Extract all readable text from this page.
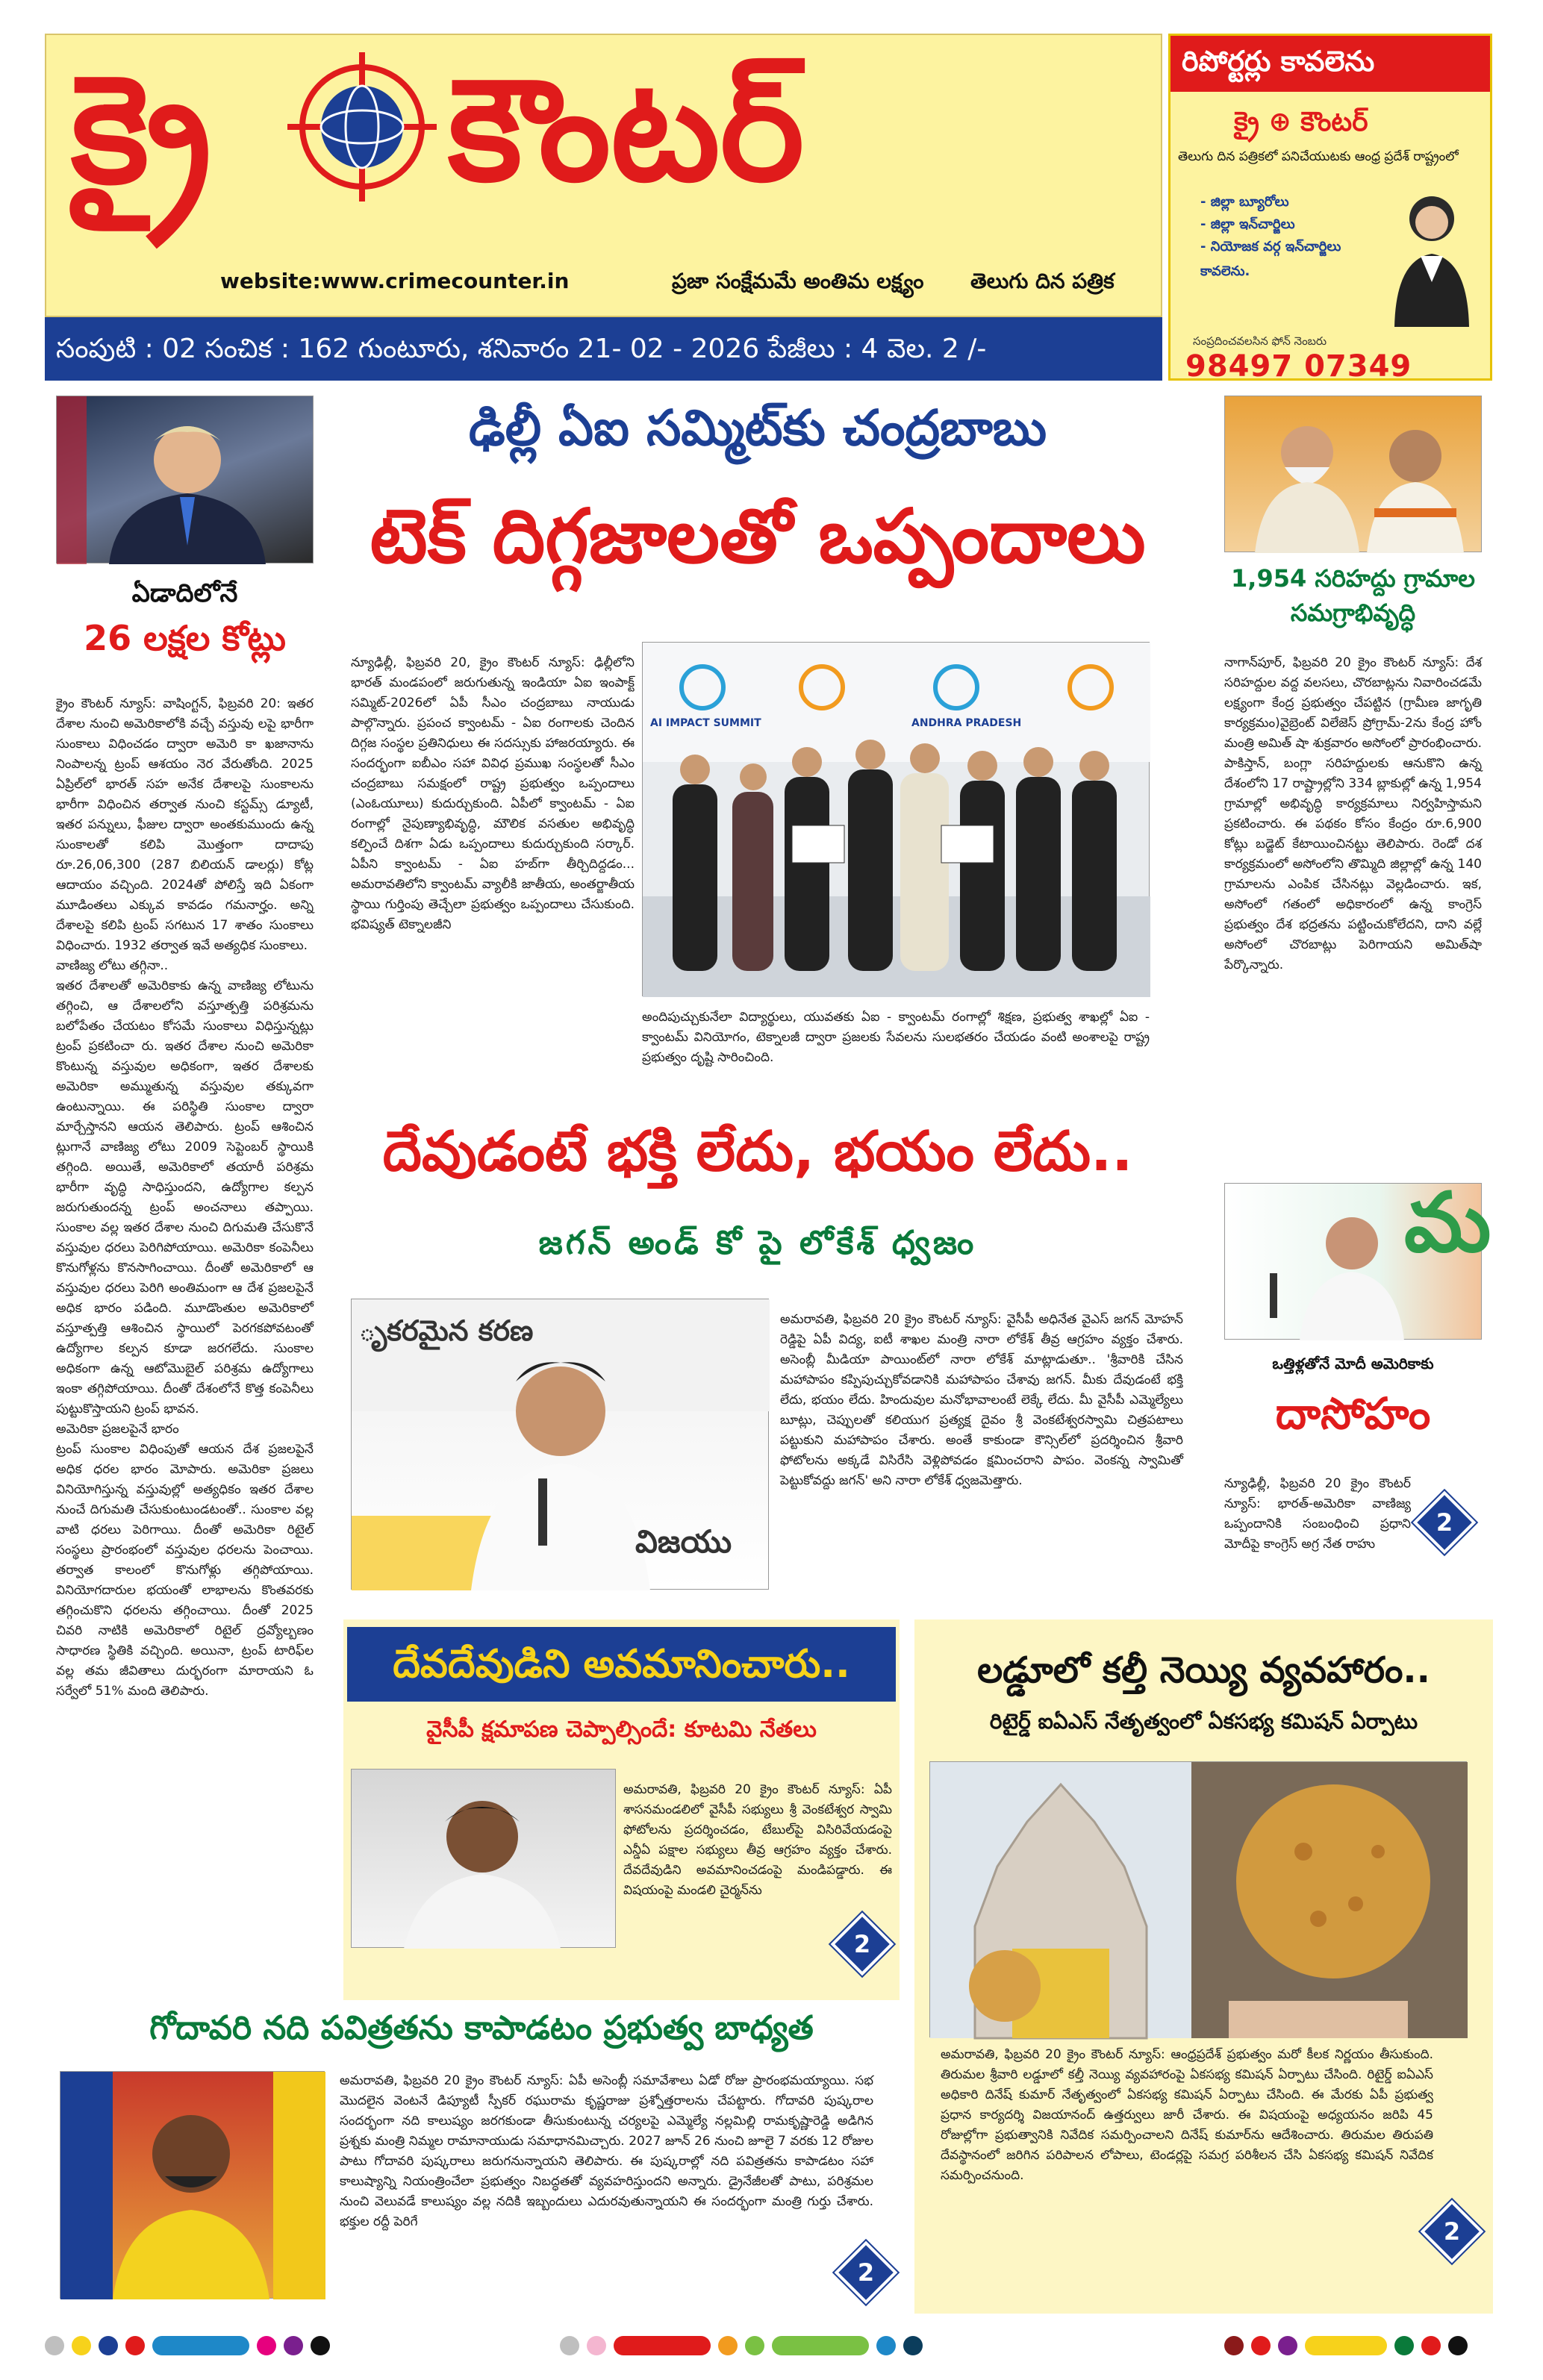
క్రై కౌంటర్
website:www.crimecounter.in	ప్రజా సంక్షేమమే అంతిమ లక్ష్యం తెలుగు దిన పత్రిక
సంపుటి : 02 సంచిక : 162 గుంటూరు, శనివారం 21- 02 - 2026 పేజీలు : 4 వెల. 2 /-
రిపోర్టర్లు కావలెను
క్రై ⊕ కౌంటర్
తెలుగు దిన పత్రికలో పనిచేయుటకు ఆంధ్ర ప్రదేశ్ రాష్ట్రంలో
- జిల్లా బ్యూరోలు
- జిల్లా ఇన్‌చార్జిలు
- నియోజక వర్గ ఇన్‌చార్జిలు
కావలెను.
సంప్రదించవలసిన ఫోన్ నెంబరు
98497 07349
ఏడాదిలోనే
26 లక్షల కోట్లు
క్రైం కౌంటర్ న్యూస్: వాషింగ్టన్, ఫిబ్రవరి 20: ఇతర దేశాల నుంచి అమెరికాలోకి వచ్చే వస్తువు లపై భారీగా సుంకాలు విధించడం ద్వారా అమెరి కా ఖజానాను నింపాలన్న ట్రంప్ ఆశయం నెర వేరుతోంది. 2025 ఏప్రిల్‌లో భారత్ సహ అనేక దేశాలపై సుంకాలను భారీగా విధించిన తర్వాత నుంచి కస్టమ్స్ డ్యూటీ, ఇతర పన్నులు, ఫీజుల ద్వారా అంతకుముందు ఉన్న సుంకాలతో కలిపి మొత్తంగా దాదాపు రూ.26,06,300 (287 బిలియన్ డాలర్లు) కోట్ల ఆదాయం వచ్చింది. 2024తో పోలిస్తే ఇది ఏకంగా మూడింతలు ఎక్కువ కావడం గమనార్హం. అన్ని దేశాలపై కలిపి ట్రంప్ సగటున 17 శాతం సుంకాలు విధించారు. 1932 తర్వాత ఇవే అత్యధిక సుంకాలు.
వాణిజ్య లోటు తగ్గినా..
ఇతర దేశాలతో అమెరికాకు ఉన్న వాణిజ్య లోటును తగ్గించి, ఆ దేశాలలోని వస్తూత్పత్తి పరిశ్రమను బలోపేతం చేయటం కోసమే సుంకాలు విధిస్తున్నట్లు ట్రంప్ ప్రకటించా రు. ఇతర దేశాల నుంచి అమెరికా కొంటున్న వస్తువుల అధికంగా, ఇతర దేశాలకు అమెరికా అమ్ముతున్న వస్తువుల తక్కువగా ఉంటున్నాయి. ఈ పరిస్థితి సుంకాల ద్వారా మార్చేస్తానని ఆయన తెలిపారు. ట్రంప్ ఆశించిన ట్లుగానే వాణిజ్య లోటు 2009 సెప్టెంబర్ స్థాయికి తగ్గింది. అయితే, అమెరికాలో తయారీ పరిశ్రమ భారీగా వృద్ధి సాధిస్తుందని, ఉద్యోగాల కల్పన జరుగుతుందన్న ట్రంప్ అంచనాలు తప్పాయి. సుంకాల వల్ల ఇతర దేశాల నుంచి దిగుమతి చేసుకొనే వస్తువుల ధరలు పెరిగిపోయాయి. అమెరికా కంపెనీలు కొనుగోళ్లను కొనసాగించాయి. దీంతో అమెరికాలో ఆ వస్తువుల ధరలు పెరిగి అంతిమంగా ఆ దేశ ప్రజలపైనే అధిక భారం పడింది. మూడొంతుల అమెరికాలో వస్తూత్పత్తి ఆశించిన స్థాయిలో పెరగకపోవటంతో ఉద్యోగాల కల్పన కూడా జరగలేదు. సుంకాల అధికంగా ఉన్న ఆటోమొబైల్ పరిశ్రమ ఉద్యోగాలు ఇంకా తగ్గిపోయాయి. దీంతో దేశంలోనే కొత్త కంపెనీలు పుట్టుకొస్తాయని ట్రంప్ భావన.
అమెరికా ప్రజలపైనే భారం
ట్రంప్ సుంకాల విధింపుతో ఆయన దేశ ప్రజలపైనే అధిక ధరల భారం మోపారు. అమెరికా ప్రజలు వినియోగిస్తున్న వస్తువుల్లో అత్యధికం ఇతర దేశాల నుంచే దిగుమతి చేసుకుంటుండటంతో.. సుంకాల వల్ల వాటి ధరలు పెరిగాయి. దీంతో అమెరికా రిటైల్ సంస్థలు ప్రారంభంలో వస్తువుల ధరలను పెంచాయి. తర్వాత కాలంలో కొనుగోళ్లు తగ్గిపోయాయి. వినియోగదారుల భయంతో లాభాలను కొంతవరకు తగ్గించుకొని ధరలను తగ్గించాయి. దీంతో 2025 చివరి నాటికి అమెరికాలో రిటైల్ ద్రవ్యోల్బణం సాధారణ స్థితికి వచ్చింది. అయినా, ట్రంప్ టారిఫ్‌ల వల్ల తమ జీవితాలు దుర్భరంగా మారాయని ఓ సర్వేలో 51% మంది తెలిపారు.
ఢిల్లీ ఏఐ సమ్మిట్‌కు చంద్రబాబు
టెక్ దిగ్గజాలతో ఒప్పందాలు
న్యూఢిల్లీ, ఫిబ్రవరి 20, క్రైం కౌంటర్ న్యూస్: ఢిల్లీలోని భారత్ మండపంలో జరుగుతున్న ఇండియా ఏఐ ఇంపాక్ట్ సమ్మిట్-2026లో ఏపీ సీఎం చంద్రబాబు నాయుడు పాల్గొన్నారు. ప్రపంచ క్వాంటమ్ - ఏఐ రంగాలకు చెందిన దిగ్గజ సంస్థల ప్రతినిధులు ఈ సదస్సుకు హాజరయ్యారు. ఈ సందర్భంగా ఐబీఎం సహా వివిధ ప్రముఖ సంస్థలతో సీఎం చంద్రబాబు సమక్షంలో రాష్ట్ర ప్రభుత్వం ఒప్పందాలు (ఎంఓయూలు) కుదుర్చుకుంది. ఏపీలో క్వాంటమ్ - ఏఐ రంగాల్లో నైపుణ్యాభివృద్ధి, మౌలిక వసతుల అభివృద్ధి కల్పించే దిశగా ఏడు ఒప్పందాలు కుదుర్చుకుంది సర్కార్. ఏపీని క్వాంటమ్ - ఏఐ హబ్‌గా తీర్చిదిద్దడం... అమరావతిలోని క్వాంటమ్ వ్యాలీకి జాతీయ, అంతర్జాతీయ స్థాయి గుర్తింపు తెచ్చేలా ప్రభుత్వం ఒప్పందాలు చేసుకుంది. భవిష్యత్ టెక్నాలజీని
AI IMPACT SUMMIT	ANDHRA PRADESH
అందిపుచ్చుకునేలా విద్యార్థులు, యువతకు ఏఐ - క్వాంటమ్ రంగాల్లో శిక్షణ, ప్రభుత్వ శాఖల్లో ఏఐ - క్వాంటమ్ వినియోగం, టెక్నాలజీ ద్వారా ప్రజలకు సేవలను సులభతరం చేయడం వంటి అంశాలపై రాష్ట్ర ప్రభుత్వం దృష్టి సారించింది.
1,954 సరిహద్దు గ్రామాల సమగ్రాభివృద్ధి
నాగాన్‌పూర్, ఫిబ్రవరి 20 క్రైం కౌంటర్ న్యూస్: దేశ సరిహద్దుల వద్ద వలసలు, చొరబాట్లను నివారించడమే లక్ష్యంగా కేంద్ర ప్రభుత్వం చేపట్టిన (గ్రామీణ జాగృతి కార్యక్రమం)వైబ్రెంట్ విలేజెస్ ప్రోగ్రామ్-2ను కేంద్ర హోం మంత్రి అమిత్ షా శుక్రవారం అసోంలో ప్రారంభించారు. పాకిస్తాన్, బంగ్లా సరిహద్దులకు ఆనుకొని ఉన్న దేశంలోని 17 రాష్ట్రాల్లోని 334 బ్లాకుల్లో ఉన్న 1,954 గ్రామాల్లో అభివృద్ధి కార్యక్రమాలు నిర్వహిస్తామని ప్రకటించారు. ఈ పథకం కోసం కేంద్రం రూ.6,900 కోట్లు బడ్జెట్ కేటాయించినట్టు తెలిపారు. రెండో దశ కార్యక్రమంలో అసోంలోని తొమ్మిది జిల్లాల్లో ఉన్న 140 గ్రామాలను ఎంపిక చేసినట్లు వెల్లడించారు. ఇక, అసోంలో గతంలో అధికారంలో ఉన్న కాంగ్రెస్ ప్రభుత్వం దేశ భద్రతను పట్టించుకోలేదని, దాని వల్లే అసోంలో చొరబాట్లు పెరిగాయని అమిత్‌షా పేర్కొన్నారు.
మ
ఒత్తిళ్లతోనే మోదీ అమెరికాకు
దాసోహం
న్యూఢిల్లీ, ఫిబ్రవరి 20 క్రైం కౌంటర్ న్యూస్: భారత్-అమెరికా వాణిజ్య ఒప్పందానికి సంబంధించి ప్రధాని మోదీపై కాంగ్రెస్ అగ్ర నేత రాహు
2
దేవుడంటే భక్తి లేదు, భయం లేదు..
జగన్ అండ్ కో పై లోకేశ్ ధ్వజం
ృకరమైన కరణ
విజయు
అమరావతి, ఫిబ్రవరి 20 క్రైం కౌంటర్ న్యూస్: వైసీపీ అధినేత వైఎస్ జగన్ మోహన్ రెడ్డిపై ఏపీ విద్య, ఐటీ శాఖల మంత్రి నారా లోకేశ్ తీవ్ర ఆగ్రహం వ్యక్తం చేశారు. అసెంబ్లీ మీడియా పాయింట్‌లో నారా లోకేశ్ మాట్లాడుతూ.. 'శ్రీవారికి చేసిన మహాపాపం కప్పిపుచ్చుకోవడానికి మహాపాపం చేశావు జగన్. మీకు దేవుడంటే భక్తి లేదు, భయం లేదు. హిందువుల మనోభావాలంటే లెక్కే లేదు. మీ వైసీపీ ఎమ్మెల్యేలు బూట్లు, చెప్పులతో కలియుగ ప్రత్యక్ష దైవం శ్రీ వెంకటేశ్వరస్వామి చిత్రపటాలు పట్టుకుని మహాపాపం చేశారు. అంతే కాకుండా కౌన్సిల్‌లో ప్రదర్శించిన శ్రీవారి ఫోటోలను అక్కడే విసిరేసి వెళ్లిపోవడం క్షమించరాని పాపం. వెంకన్న స్వామితో పెట్టుకోవద్దు జగన్' అని నారా లోకేశ్ ధ్వజమెత్తారు.
దేవదేవుడిని అవమానించారు..
వైసీపీ క్షమాపణ చెప్పాల్సిందే: కూటమి నేతలు
అమరావతి, ఫిబ్రవరి 20 క్రైం కౌంటర్ న్యూస్: ఏపీ శాసనమండలిలో వైసీపీ సభ్యులు శ్రీ వెంకటేశ్వర స్వామి ఫోటోలను ప్రదర్శించడం, టేబుల్‌పై విసిరివేయడంపై ఎన్డీఏ పక్షాల సభ్యులు తీవ్ర ఆగ్రహం వ్యక్తం చేశారు. దేవదేవుడిని అవమానించడంపై మండిపడ్డారు. ఈ విషయంపై మండలి చైర్మన్‌ను
2
లడ్డూలో కల్తీ నెయ్యి వ్యవహారం..
రిటైర్డ్ ఐఏఎస్ నేతృత్వంలో ఏకసభ్య కమిషన్ ఏర్పాటు
అమరావతి, ఫిబ్రవరి 20 క్రైం కౌంటర్ న్యూస్: ఆంధ్రప్రదేశ్ ప్రభుత్వం మరో కీలక నిర్ణయం తీసుకుంది. తిరుమల శ్రీవారి లడ్డూలో కల్తీ నెయ్యి వ్యవహారంపై ఏకసభ్య కమిషన్ ఏర్పాటు చేసింది. రిటైర్డ్ ఐఏఎస్ అధికారి దినేష్ కుమార్ నేతృత్వంలో ఏకసభ్య కమిషన్ ఏర్పాటు చేసింది. ఈ మేరకు ఏపీ ప్రభుత్వ ప్రధాన కార్యదర్శి విజయానంద్ ఉత్తర్వులు జారీ చేశారు. ఈ విషయంపై అధ్యయనం జరిపి 45 రోజుల్లోగా ప్రభుత్వానికి నివేదిక సమర్పించాలని దినేష్ కుమార్‌ను ఆదేశించారు. తిరుమల తిరుపతి దేవస్థానంలో జరిగిన పరిపాలన లోపాలు, టెండర్లపై సమగ్ర పరిశీలన చేసి ఏకసభ్య కమిషన్ నివేదిక సమర్పించనుంది.
2
గోదావరి నది పవిత్రతను కాపాడటం ప్రభుత్వ బాధ్యత
అమరావతి, ఫిబ్రవరి 20 క్రైం కౌంటర్ న్యూస్: ఏపీ అసెంబ్లీ సమావేశాలు ఏడో రోజు ప్రారంభమయ్యాయి. సభ మొదలైన వెంటనే డిప్యూటీ స్పీకర్ రఘురామ కృష్ణరాజు ప్రశ్నోత్తరాలను చేపట్టారు. గోదావరి పుష్కరాల సందర్భంగా నది కాలుష్యం జరగకుండా తీసుకుంటున్న చర్యలపై ఎమ్మెల్యే నల్లమిల్లి రామకృష్ణారెడ్డి అడిగిన ప్రశ్నకు మంత్రి నిమ్మల రామానాయుడు సమాధానమిచ్చారు. 2027 జూన్ 26 నుంచి జూలై 7 వరకు 12 రోజుల పాటు గోదావరి పుష్కరాలు జరుగనున్నాయని తెలిపారు. ఈ పుష్కరాల్లో నది పవిత్రతను కాపాడటం సహా కాలుష్యాన్ని నియంత్రించేలా ప్రభుత్వం నిబద్ధతతో వ్యవహరిస్తుందని అన్నారు. డ్రైనేజీలతో పాటు, పరిశ్రమల నుంచి వెలువడే కాలుష్యం వల్ల నదికి ఇబ్బందులు ఎదురవుతున్నాయని ఈ సందర్భంగా మంత్రి గుర్తు చేశారు. భక్తుల రద్దీ పెరిగే
2
